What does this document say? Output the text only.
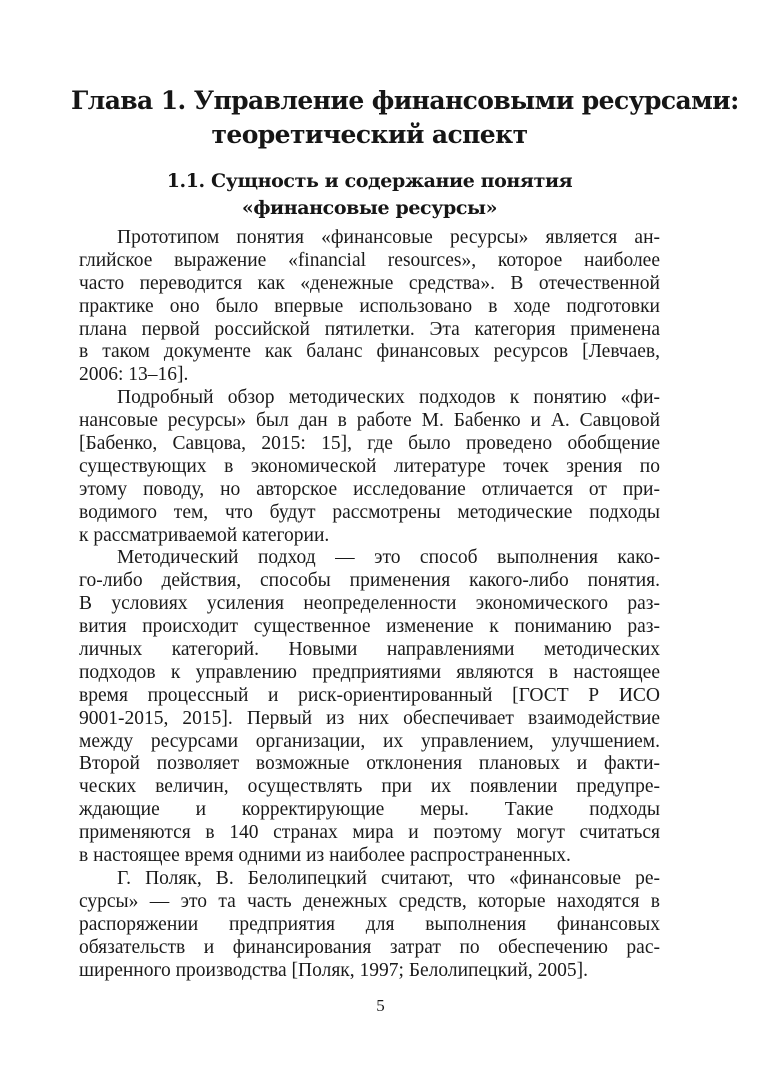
Глава 1. Управление финансовыми ресурсами:
теоретический аспект
1.1. Сущность и содержание понятия
«финансовые ресурсы»
Прототипом понятия «финансовые ресурсы» является ан-
глийское выражение «financial resources», которое наиболее
часто переводится как «денежные средства». В отечественной
практике оно было впервые использовано в ходе подготовки
плана первой российской пятилетки. Эта категория применена
в таком документе как баланс финансовых ресурсов [Левчаев,
2006: 13–16].
Подробный обзор методических подходов к понятию «фи-
нансовые ресурсы» был дан в работе М. Бабенко и А. Савцовой
[Бабенко, Савцова, 2015: 15], где было проведено обобщение
существующих в экономической литературе точек зрения по
этому поводу, но авторское исследование отличается от при-
водимого тем, что будут рассмотрены методические подходы
к рассматриваемой категории.
Методический подход — это способ выполнения како-
го-либо действия, способы применения какого-либо понятия.
В условиях усиления неопределенности экономического раз-
вития происходит существенное изменение к пониманию раз-
личных категорий. Новыми направлениями методических
подходов к управлению предприятиями являются в настоящее
время процессный и риск-ориентированный [ГОСТ Р ИСО
9001-2015, 2015]. Первый из них обеспечивает взаимодействие
между ресурсами организации, их управлением, улучшением.
Второй позволяет возможные отклонения плановых и факти-
ческих величин, осуществлять при их появлении предупре-
ждающие и корректирующие меры. Такие подходы
применяются в 140 странах мира и поэтому могут считаться
в настоящее время одними из наиболее распространенных.
Г. Поляк, В. Белолипецкий считают, что «финансовые ре-
сурсы» — это та часть денежных средств, которые находятся в
распоряжении предприятия для выполнения финансовых
обязательств и финансирования затрат по обеспечению рас-
ширенного производства [Поляк, 1997; Белолипецкий, 2005].
5
